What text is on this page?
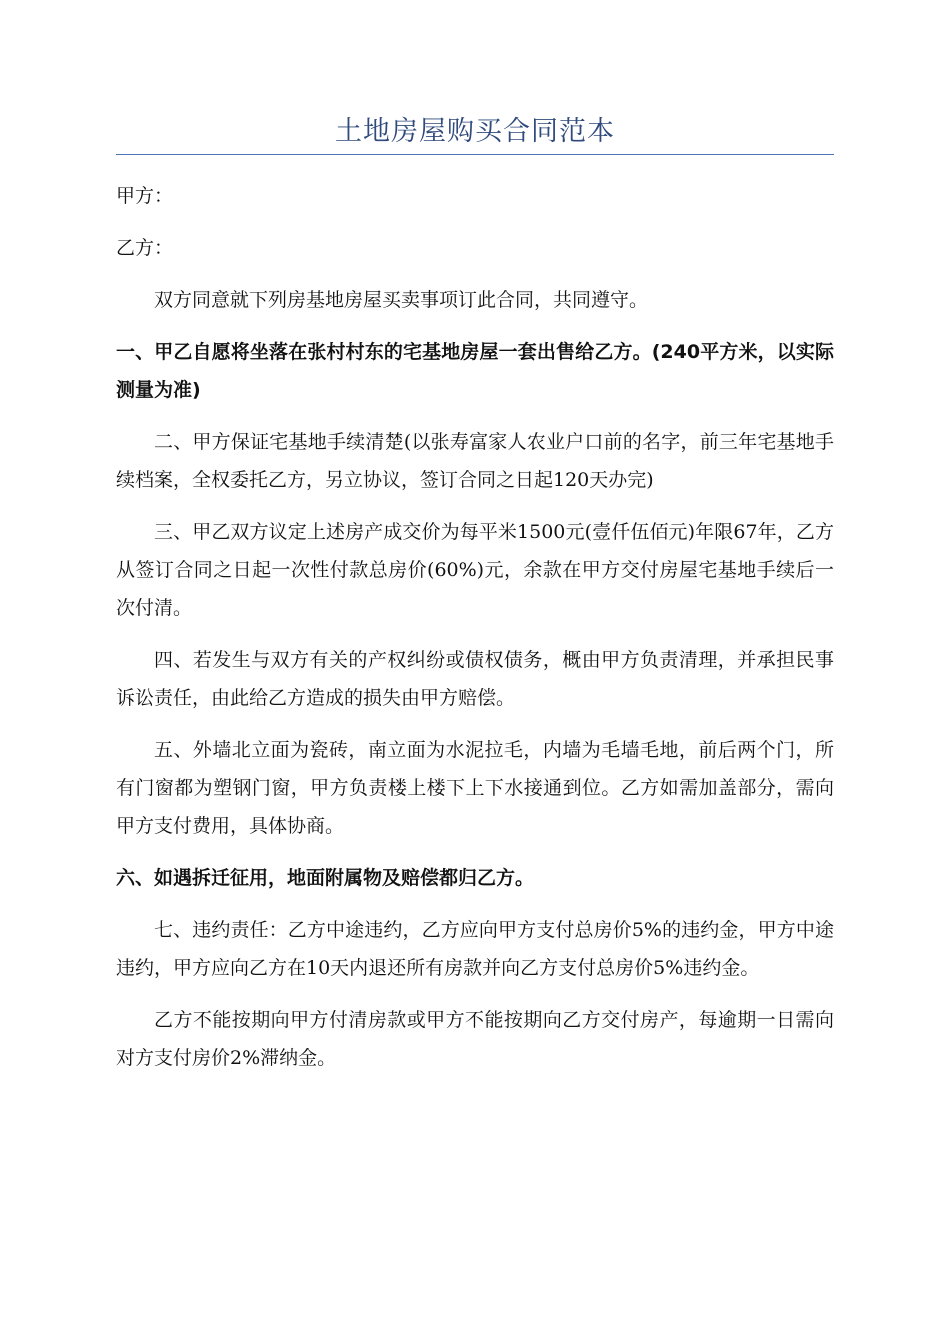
土地房屋购买合同范本

甲方：

乙方：

双方同意就下列房基地房屋买卖事项订此合同，共同遵守。

一、甲乙自愿将坐落在张村村东的宅基地房屋一套出售给乙方。(240平方米，以实际测量为准)

二、甲方保证宅基地手续清楚(以张寿富家人农业户口前的名字，前三年宅基地手续档案，全权委托乙方，另立协议，签订合同之日起120天办完)

三、甲乙双方议定上述房产成交价为每平米1500元(壹仟伍佰元)年限67年，乙方从签订合同之日起一次性付款总房价(60%)元，余款在甲方交付房屋宅基地手续后一次付清。

四、若发生与双方有关的产权纠纷或债权债务，概由甲方负责清理，并承担民事诉讼责任，由此给乙方造成的损失由甲方赔偿。

五、外墙北立面为瓷砖，南立面为水泥拉毛，内墙为毛墙毛地，前后两个门，所有门窗都为塑钢门窗，甲方负责楼上楼下上下水接通到位。乙方如需加盖部分，需向甲方支付费用，具体协商。

六、如遇拆迁征用，地面附属物及赔偿都归乙方。

七、违约责任：乙方中途违约，乙方应向甲方支付总房价5%的违约金，甲方中途违约，甲方应向乙方在10天内退还所有房款并向乙方支付总房价5%违约金。

乙方不能按期向甲方付清房款或甲方不能按期向乙方交付房产，每逾期一日需向对方支付房价2%滞纳金。
